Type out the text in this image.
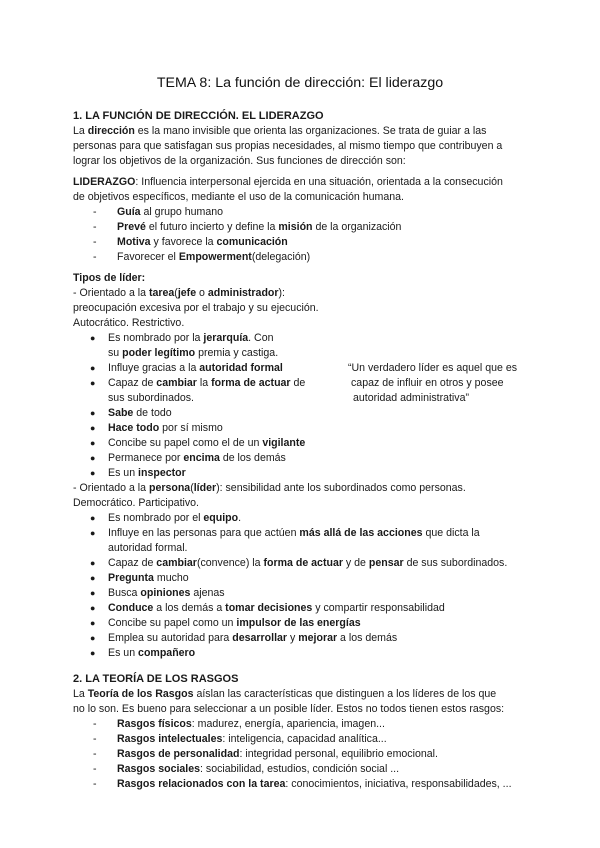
TEMA 8: La función de dirección: El liderazgo
1. LA FUNCIÓN DE DIRECCIÓN. EL LIDERAZGO
La dirección es la mano invisible que orienta las organizaciones. Se trata de guiar a las
personas para que satisfagan sus propias necesidades, al mismo tiempo que contribuyen a
lograr los objetivos de la organización. Sus funciones de dirección son:
LIDERAZGO: Influencia interpersonal ejercida en una situación, orientada a la consecución
de objetivos específicos, mediante el uso de la comunicación humana.
- Guía al grupo humano
- Prevé el futuro incierto y define la misión de la organización
- Motiva y favorece la comunicación
- Favorecer el Empowerment(delegación)
Tipos de líder:
- Orientado a la tarea(jefe o administrador):
preocupación excesiva por el trabajo y su ejecución.
Autocrático. Restrictivo.
● Es nombrado por la jerarquía. Con
su poder legítimo premia y castiga.
● Influye gracias a la autoridad formal	“Un verdadero líder es aquel que es
● Capaz de cambiar la forma de actuar de	capaz de influir en otros y posee
sus subordinados.	autoridad administrativa”
● Sabe de todo
● Hace todo por sí mismo
● Concibe su papel como el de un vigilante
● Permanece por encima de los demás
● Es un inspector
- Orientado a la persona(líder): sensibilidad ante los subordinados como personas.
Democrático. Participativo.
● Es nombrado por el equipo.
● Influye en las personas para que actúen más allá de las acciones que dicta la
autoridad formal.
● Capaz de cambiar(convence) la forma de actuar y de pensar de sus subordinados.
● Pregunta mucho
● Busca opiniones ajenas
● Conduce a los demás a tomar decisiones y compartir responsabilidad
● Concibe su papel como un impulsor de las energías
● Emplea su autoridad para desarrollar y mejorar a los demás
● Es un compañero
2. LA TEORÍA DE LOS RASGOS
La Teoría de los Rasgos aíslan las características que distinguen a los líderes de los que
no lo son. Es bueno para seleccionar a un posible líder. Estos no todos tienen estos rasgos:
- Rasgos físicos: madurez, energía, apariencia, imagen...
- Rasgos intelectuales: inteligencia, capacidad analítica...
- Rasgos de personalidad: integridad personal, equilibrio emocional.
- Rasgos sociales: sociabilidad, estudios, condición social ...
- Rasgos relacionados con la tarea: conocimientos, iniciativa, responsabilidades, ...
